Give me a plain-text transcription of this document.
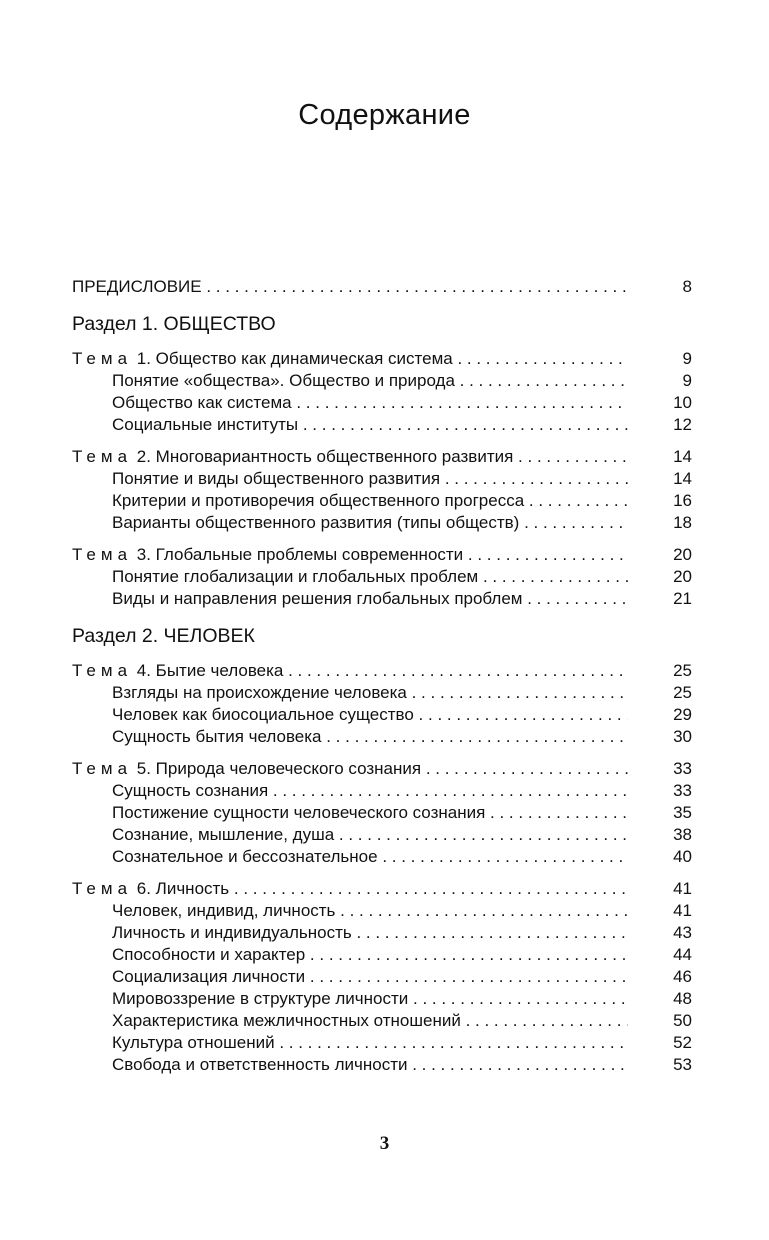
Содержание
ПРЕДИСЛОВИЕ . . .	8
Раздел 1. ОБЩЕСТВО
Тема 1. Общество как динамическая система . . .	9
Понятие «общества». Общество и природа . . .	9
Общество как система . . .	10
Социальные институты . . .	12
Тема 2. Многовариантность общественного развития . . .	14
Понятие и виды общественного развития . . .	14
Критерии и противоречия общественного прогресса . . .	16
Варианты общественного развития (типы обществ) . . .	18
Тема 3. Глобальные проблемы современности . . .	20
Понятие глобализации и глобальных проблем . . .	20
Виды и направления решения глобальных проблем . . .	21
Раздел 2. ЧЕЛОВЕК
Тема 4. Бытие человека . . .	25
Взгляды на происхождение человека . . .	25
Человек как биосоциальное существо . . .	29
Сущность бытия человека . . .	30
Тема 5. Природа человеческого сознания . . .	33
Сущность сознания . . .	33
Постижение сущности человеческого сознания . . .	35
Сознание, мышление, душа . . .	38
Сознательное и бессознательное . . .	40
Тема 6. Личность . . .	41
Человек, индивид, личность . . .	41
Личность и индивидуальность . . .	43
Способности и характер . . .	44
Социализация личности . . .	46
Мировоззрение в структуре личности . . .	48
Характеристика межличностных отношений . . .	50
Культура отношений . . .	52
Свобода и ответственность личности . . .	53
3
